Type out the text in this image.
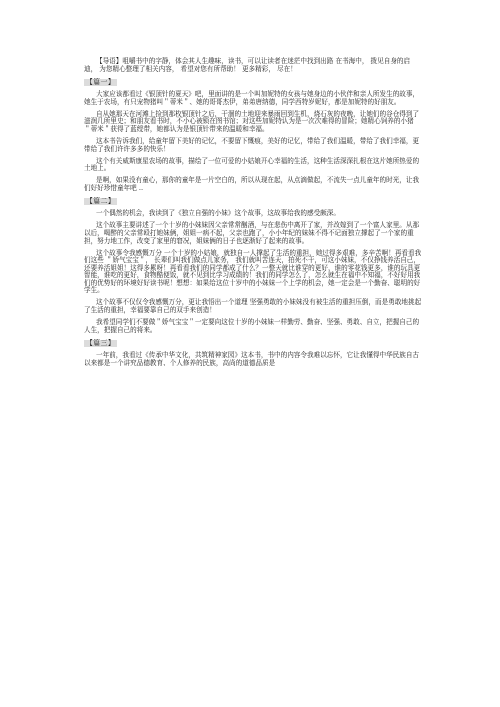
【导语】咀嚼书中的字静，体会其人生趣味，读书，可以让读者在迷茫中找到出路 在书海中， 拨见自身的启迪， 为您精心整理了相关内容， 希望对您有所帮助！ 更多精彩， 尽在！

【篇一】

大家应该都看过《银顶针的夏天》吧，里面讲的是一个叫加妮特的女孩与她身边的小伙伴和亲人所发生的故事，她生于农场，有只宠物猪叫＂蒂米＂、她的哥哥杰伊，弟弟唐纳德，同学西特岁妮好，都是加妮特的好朋友。

自从她那天在河滩上捡到那枚银顶针之后，干涸的土地迎来暴雨回到生机，烧石灰的夜晚，让她们的谷仓得到了滋润几所里史；和朋友看书时，不小心被锁在图书馆；对这些加妮特认为是一次次难得的冒险；她精心饲养的小猪 ＂蒂米＂获得了蓝绶带，她都认为是银顶针带来的温暖和幸福。

这本书告诉我们，给童年留下美好的记忆，不要留下慨痕，美好的记忆，带给了我们温暖，带给了我们幸福，更带给了我们许许多多的快乐！

这个有关威斯康星农场的故事，描绘了一位可爱的小姑娘开心幸福的生活，这种生活深深扎根在这片她所热爱的土地上。

是啊，如果没有童心，那你的童年是一片空白的，所以从现在起，从点滴做起，不流失一点儿童年的时光，让我们好好珍惜童年吧 ..

【篇二】

一个偶然的机会，我读到了《独立自强的小妹》这个故事，这故事给我的感受颇深。

这个故事主要讲述了一个十岁的小妹妹因父亲常常酗酒，与在悲伤中离开了家，并改嫁到了一个富人家里。从那以后，喝醉的父亲常殴打她妹俩，姐姐一病不起，父亲也跑了，小小年纪的妹妹不得不记面独立撑起了一个家的重担，努力地工作，改变了家里的窘况，姐妹俩的日子也逐渐好了起来的故事。

这个故事令我感慨万分 一个十岁的小姑娘，就独自一人撑起了生活的重担，她过得多艰难，多辛苦啊！再看看我们这些 ＂娇气宝宝＂， 长辈们叫我们做点儿家务， 我们就叫苦连天，拍死不干，可这小妹妹，不仅挣钱养活自己，还要养活姐姐！这得多累呀！再看看我们的同学都成了什么？一整天就比谁穿的更好，谁的零花钱更多，谁的玩具更智能，谁吃的更好，食物酷便饭，就不见到比学习成绩的！我们的同学怎么了，怎么就生在福中不知福，不好好用我们的优势好的环境好好读书呢！想想：如果给这位十岁中的小妹妹一个上学的机会，她一定会是一个勤奋、聪明的好学生。

这个故事不仅仅令我感慨万分，更让我悟出一个道理 坚强勇敢的小妹妹没有被生活的重担压倒，而是勇敢地挑起了生活的重担，幸福要靠自己的双手来创造！

我希望同学们不要做＂娇气宝宝＂一定要向这位十岁的小妹妹一样勤劳、勤奋、坚强、勇敢、自立，把握自己的人生，把握自己的将来。

【篇三】

一年前，我看过《传承中华文化，共筑精神家园》这本书，书中的内容令我难以忘怀，它让我懂得中华民族自古以来都是一个讲究品德教育、个人修养的民族，高尚的道德品质是
